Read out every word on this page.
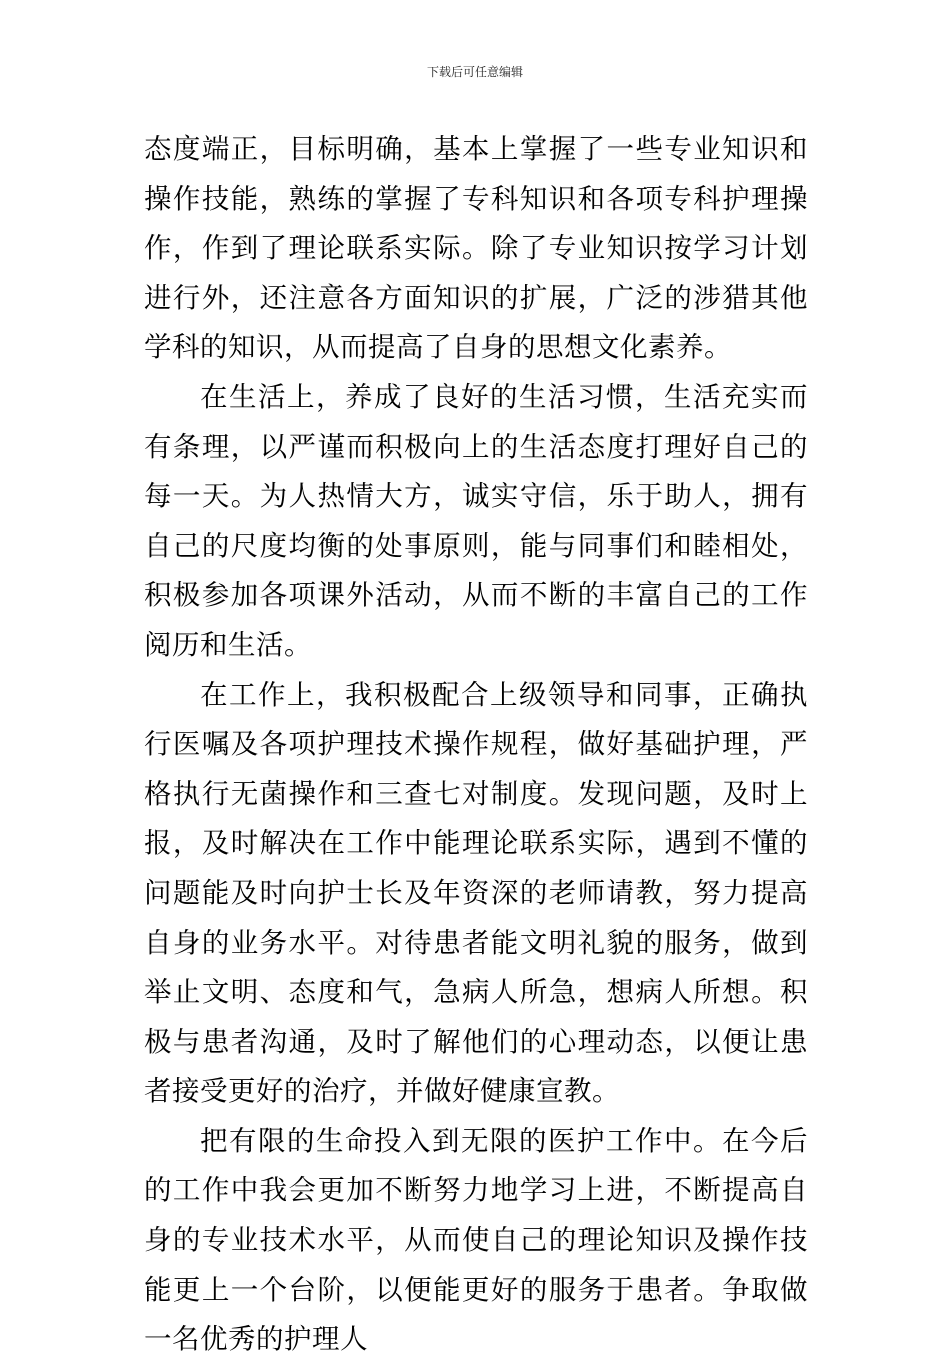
下载后可任意编辑

态度端正，目标明确，基本上掌握了一些专业知识和操作技能，熟练的掌握了专科知识和各项专科护理操作，作到了理论联系实际。除了专业知识按学习计划进行外，还注意各方面知识的扩展，广泛的涉猎其他学科的知识，从而提高了自身的思想文化素养。

在生活上，养成了良好的生活习惯，生活充实而有条理，以严谨而积极向上的生活态度打理好自己的每一天。为人热情大方，诚实守信，乐于助人，拥有自己的尺度均衡的处事原则，能与同事们和睦相处，积极参加各项课外活动，从而不断的丰富自己的工作阅历和生活。

在工作上，我积极配合上级领导和同事，正确执行医嘱及各项护理技术操作规程，做好基础护理，严格执行无菌操作和三查七对制度。发现问题，及时上报，及时解决在工作中能理论联系实际，遇到不懂的问题能及时向护士长及年资深的老师请教，努力提高自身的业务水平。对待患者能文明礼貌的服务，做到举止文明、态度和气，急病人所急，想病人所想。积极与患者沟通，及时了解他们的心理动态，以便让患者接受更好的治疗，并做好健康宣教。

把有限的生命投入到无限的医护工作中。在今后的工作中我会更加不断努力地学习上进，不断提高自身的专业技术水平，从而使自己的理论知识及操作技能更上一个台阶，以便能更好的服务于患者。争取做一名优秀的护理人
